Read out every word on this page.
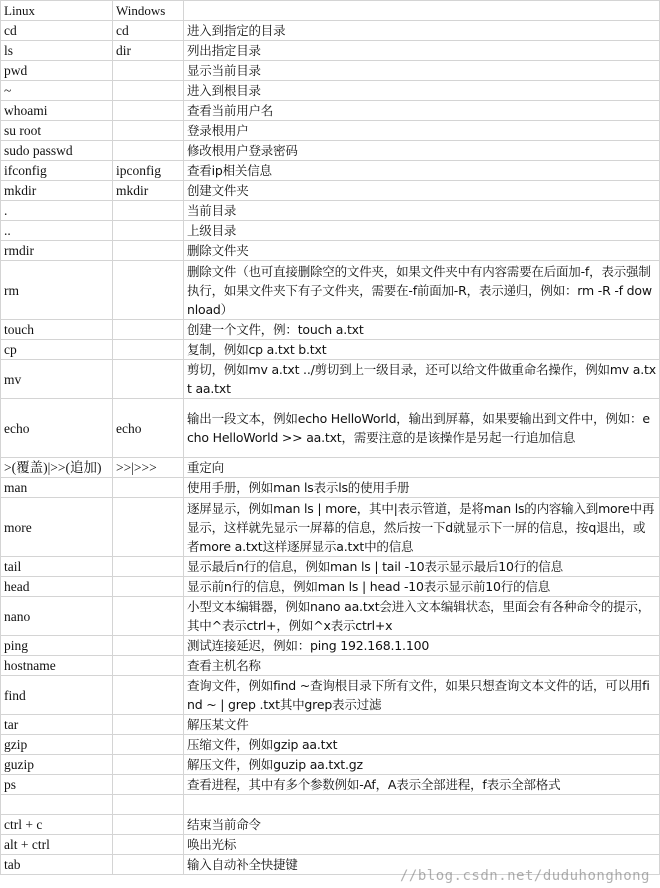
Linux	Windows	
cd	cd	进入到指定的目录
ls	dir	列出指定目录
pwd		显示当前目录
~		进入到根目录
whoami		查看当前用户名
su root		登录根用户
sudo passwd		修改根用户登录密码
ifconfig	ipconfig	查看ip相关信息
mkdir	mkdir	创建文件夹
.		当前目录
..		上级目录
rmdir		删除文件夹
rm		删除文件（也可直接删除空的文件夹，如果文件夹中有内容需要在后面加-f，表示强制执行，如果文件夹下有子文件夹，需要在-f前面加-R，表示递归，例如：rm -R -f download）
touch		创建一个文件，例：touch a.txt
cp		复制，例如cp a.txt b.txt
mv		剪切，例如mv a.txt ../剪切到上一级目录，还可以给文件做重命名操作，例如mv a.txt aa.txt
echo	echo	输出一段文本，例如echo HelloWorld，输出到屏幕，如果要输出到文件中，例如：echo HelloWorld >> aa.txt，需要注意的是该操作是另起一行追加信息
>(覆盖)|>>(追加)	>>|>>>	重定向
man		使用手册，例如man ls表示ls的使用手册
more		逐屏显示，例如man ls | more，其中|表示管道，是将man ls的内容输入到more中再显示，这样就先显示一屏幕的信息，然后按一下d就显示下一屏的信息，按q退出，或者more a.txt这样逐屏显示a.txt中的信息
tail		显示最后n行的信息，例如man ls | tail -10表示显示最后10行的信息
head		显示前n行的信息，例如man ls | head -10表示显示前10行的信息
nano		小型文本编辑器，例如nano aa.txt会进入文本编辑状态，里面会有各种命令的提示，其中^表示ctrl+，例如^x表示ctrl+x
ping		测试连接延迟，例如：ping 192.168.1.100
hostname		查看主机名称
find		查询文件，例如find ~查询根目录下所有文件，如果只想查询文本文件的话，可以用find ~ | grep .txt其中grep表示过滤
tar		解压某文件
gzip		压缩文件，例如gzip aa.txt
guzip		解压文件，例如guzip aa.txt.gz
ps		查看进程，其中有多个参数例如-Af，A表示全部进程，f表示全部格式

ctrl + c		结束当前命令
alt + ctrl		唤出光标
tab		输入自动补全快捷键
//blog.csdn.net/duduhonghong
